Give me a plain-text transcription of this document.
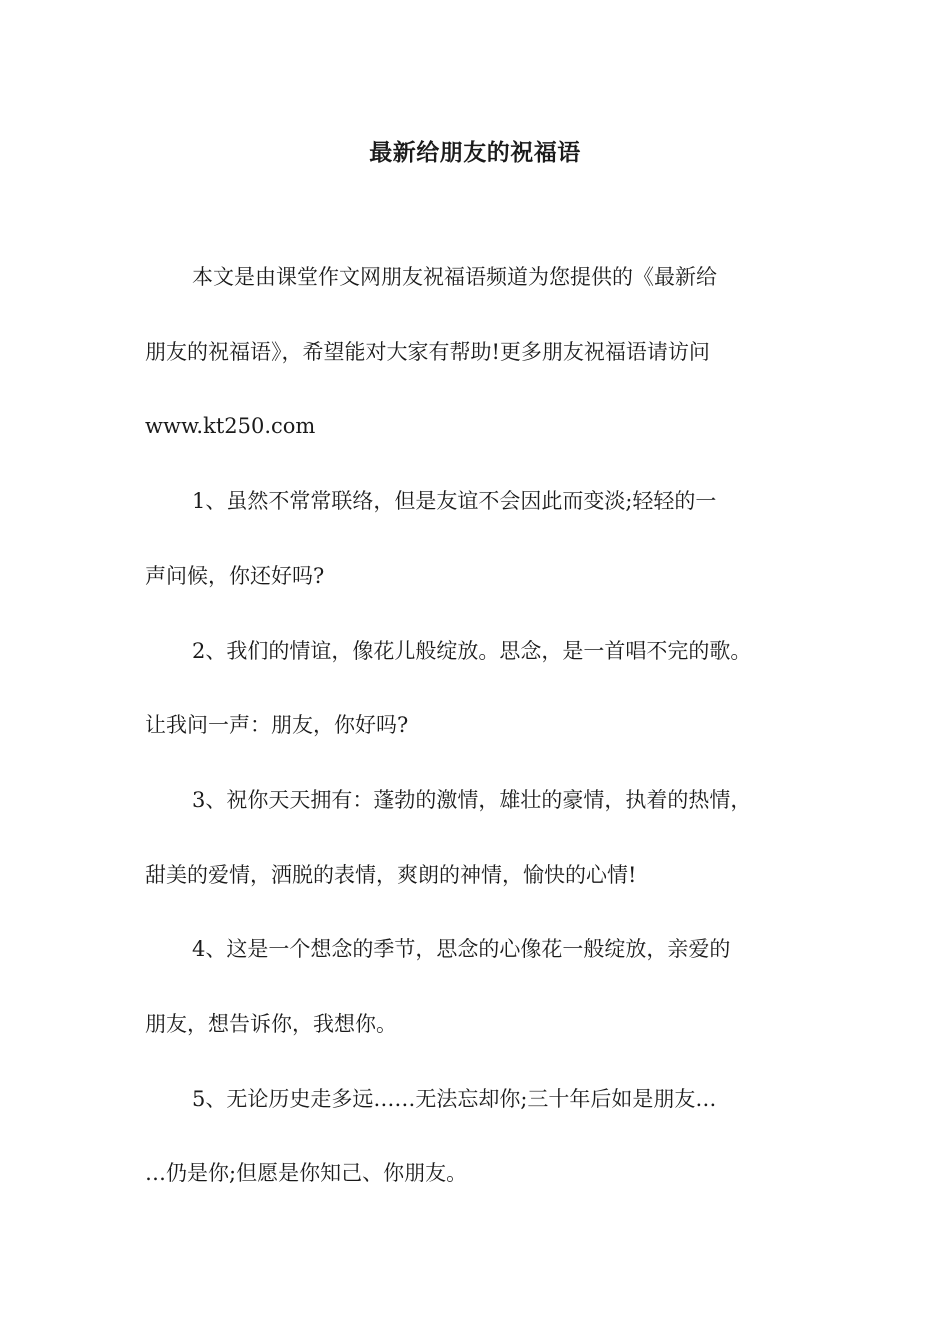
最新给朋友的祝福语
本文是由课堂作文网朋友祝福语频道为您提供的《最新给
朋友的祝福语》，希望能对大家有帮助!更多朋友祝福语请访问
www.kt250.com
1、虽然不常常联络，但是友谊不会因此而变淡;轻轻的一
声问候，你还好吗?
2、我们的情谊，像花儿般绽放。思念，是一首唱不完的歌。
让我问一声：朋友，你好吗?
3、祝你天天拥有：蓬勃的激情，雄壮的豪情，执着的热情，
甜美的爱情，洒脱的表情，爽朗的神情，愉快的心情!
4、这是一个想念的季节，思念的心像花一般绽放，亲爱的
朋友，想告诉你，我想你。
5、无论历史走多远……无法忘却你;三十年后如是朋友…
…仍是你;但愿是你知己、你朋友。
